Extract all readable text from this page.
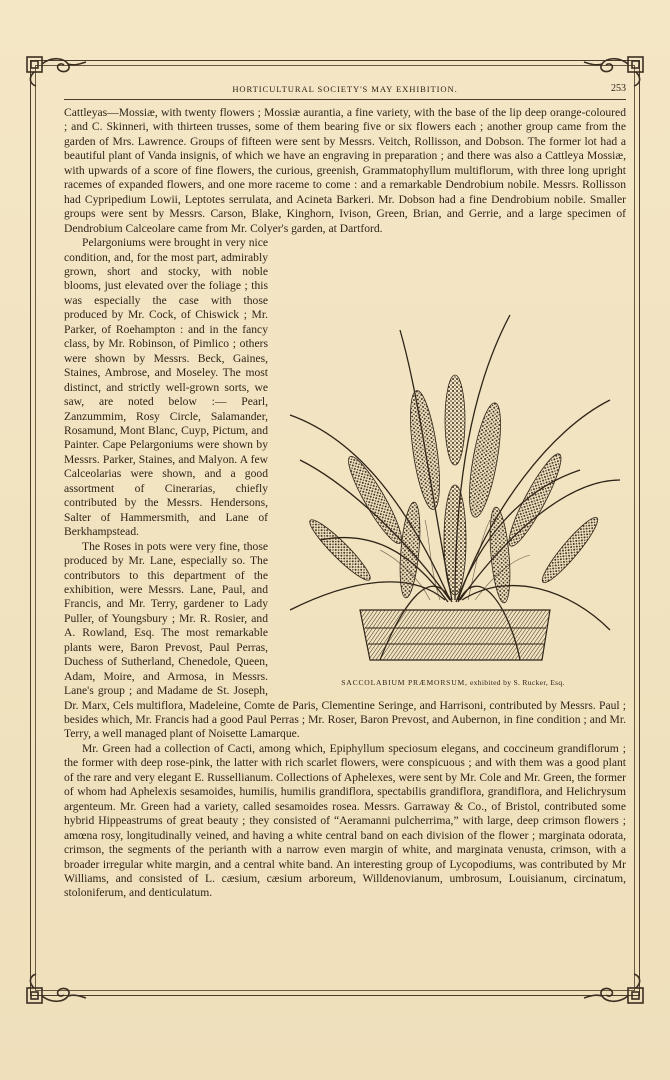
HORTICULTURAL SOCIETY'S MAY EXHIBITION.	253

Cattleyas—Mossiæ, with twenty flowers ; Mossiæ aurantia, a fine variety, with the base of the lip deep orange-coloured ; and C. Skinneri, with thirteen trusses, some of them bearing five or six flowers each ; another group came from the garden of Mrs. Lawrence. Groups of fifteen were sent by Messrs. Veitch, Rollisson, and Dobson. The former lot had a beautiful plant of Vanda insignis, of which we have an engraving in preparation ; and there was also a Cattleya Mossiæ, with upwards of a score of fine flowers, the curious, greenish, Grammatophyllum multiflorum, with three long upright racemes of expanded flowers, and one more raceme to come : and a remarkable Dendrobium nobile. Messrs. Rollisson had Cypripedium Lowii, Leptotes serrulata, and Acineta Barkeri. Mr. Dobson had a fine Dendrobium nobile. Smaller groups were sent by Messrs. Carson, Blake, Kinghorn, Ivison, Green, Brian, and Gerrie, and a large specimen of Dendrobium Calceolare came from Mr. Colyer's garden, at Dartford.

SACCOLABIUM PRÆMORSUM, exhibited by S. Rucker, Esq.

Pelargoniums were brought in very nice condition, and, for the most part, admirably grown, short and stocky, with noble blooms, just elevated over the foliage ; this was especially the case with those produced by Mr. Cock, of Chiswick ; Mr. Parker, of Roehampton : and in the fancy class, by Mr. Robinson, of Pimlico ; others were shown by Messrs. Beck, Gaines, Staines, Ambrose, and Moseley. The most distinct, and strictly well-grown sorts, we saw, are noted below :— Pearl, Zanzummim, Rosy Circle, Salamander, Rosamund, Mont Blanc, Cuyp, Pictum, and Painter. Cape Pelargoniums were shown by Messrs. Parker, Staines, and Malyon. A few Calceolarias were shown, and a good assortment of Cinerarias, chiefly contributed by the Messrs. Hendersons, Salter of Hammersmith, and Lane of Berkhampstead.

The Roses in pots were very fine, those produced by Mr. Lane, especially so. The contributors to this department of the exhibition, were Messrs. Lane, Paul, and Francis, and Mr. Terry, gardener to Lady Puller, of Youngsbury ; Mr. R. Rosier, and A. Rowland, Esq. The most remarkable plants were, Baron Prevost, Paul Perras, Duchess of Sutherland, Chenedole, Queen, Adam, Moire, and Armosa, in Messrs. Lane's group ; and Madame de St. Joseph, Dr. Marx, Cels multiflora, Madeleine, Comte de Paris, Clementine Seringe, and Harrisoni, contributed by Messrs. Paul ; besides which, Mr. Francis had a good Paul Perras ; Mr. Roser, Baron Prevost, and Aubernon, in fine condition ; and Mr. Terry, a well managed plant of Noisette Lamarque.

Mr. Green had a collection of Cacti, among which, Epiphyllum speciosum elegans, and coccineum grandiflorum ; the former with deep rose-pink, the latter with rich scarlet flowers, were conspicuous ; and with them was a good plant of the rare and very elegant E. Russellianum. Collections of Aphelexes, were sent by Mr. Cole and Mr. Green, the former of whom had Aphelexis sesamoides, humilis, humilis grandiflora, spectabilis grandiflora, grandiflora, and Helichrysum argenteum. Mr. Green had a variety, called sesamoides rosea. Messrs. Garraway & Co., of Bristol, contributed some hybrid Hippeastrums of great beauty ; they consisted of “Aeramanni pulcherrima,” with large, deep crimson flowers ; amœna rosy, longitudinally veined, and having a white central band on each division of the flower ; marginata odorata, crimson, the segments of the perianth with a narrow even margin of white, and marginata venusta, crimson, with a broader irregular white margin, and a central white band. An interesting group of Lycopodiums, was contributed by Mr Williams, and consisted of L. cæsium, cæsium arboreum, Willdenovianum, umbrosum, Louisianum, circinatum, stoloniferum, and denticulatum.
